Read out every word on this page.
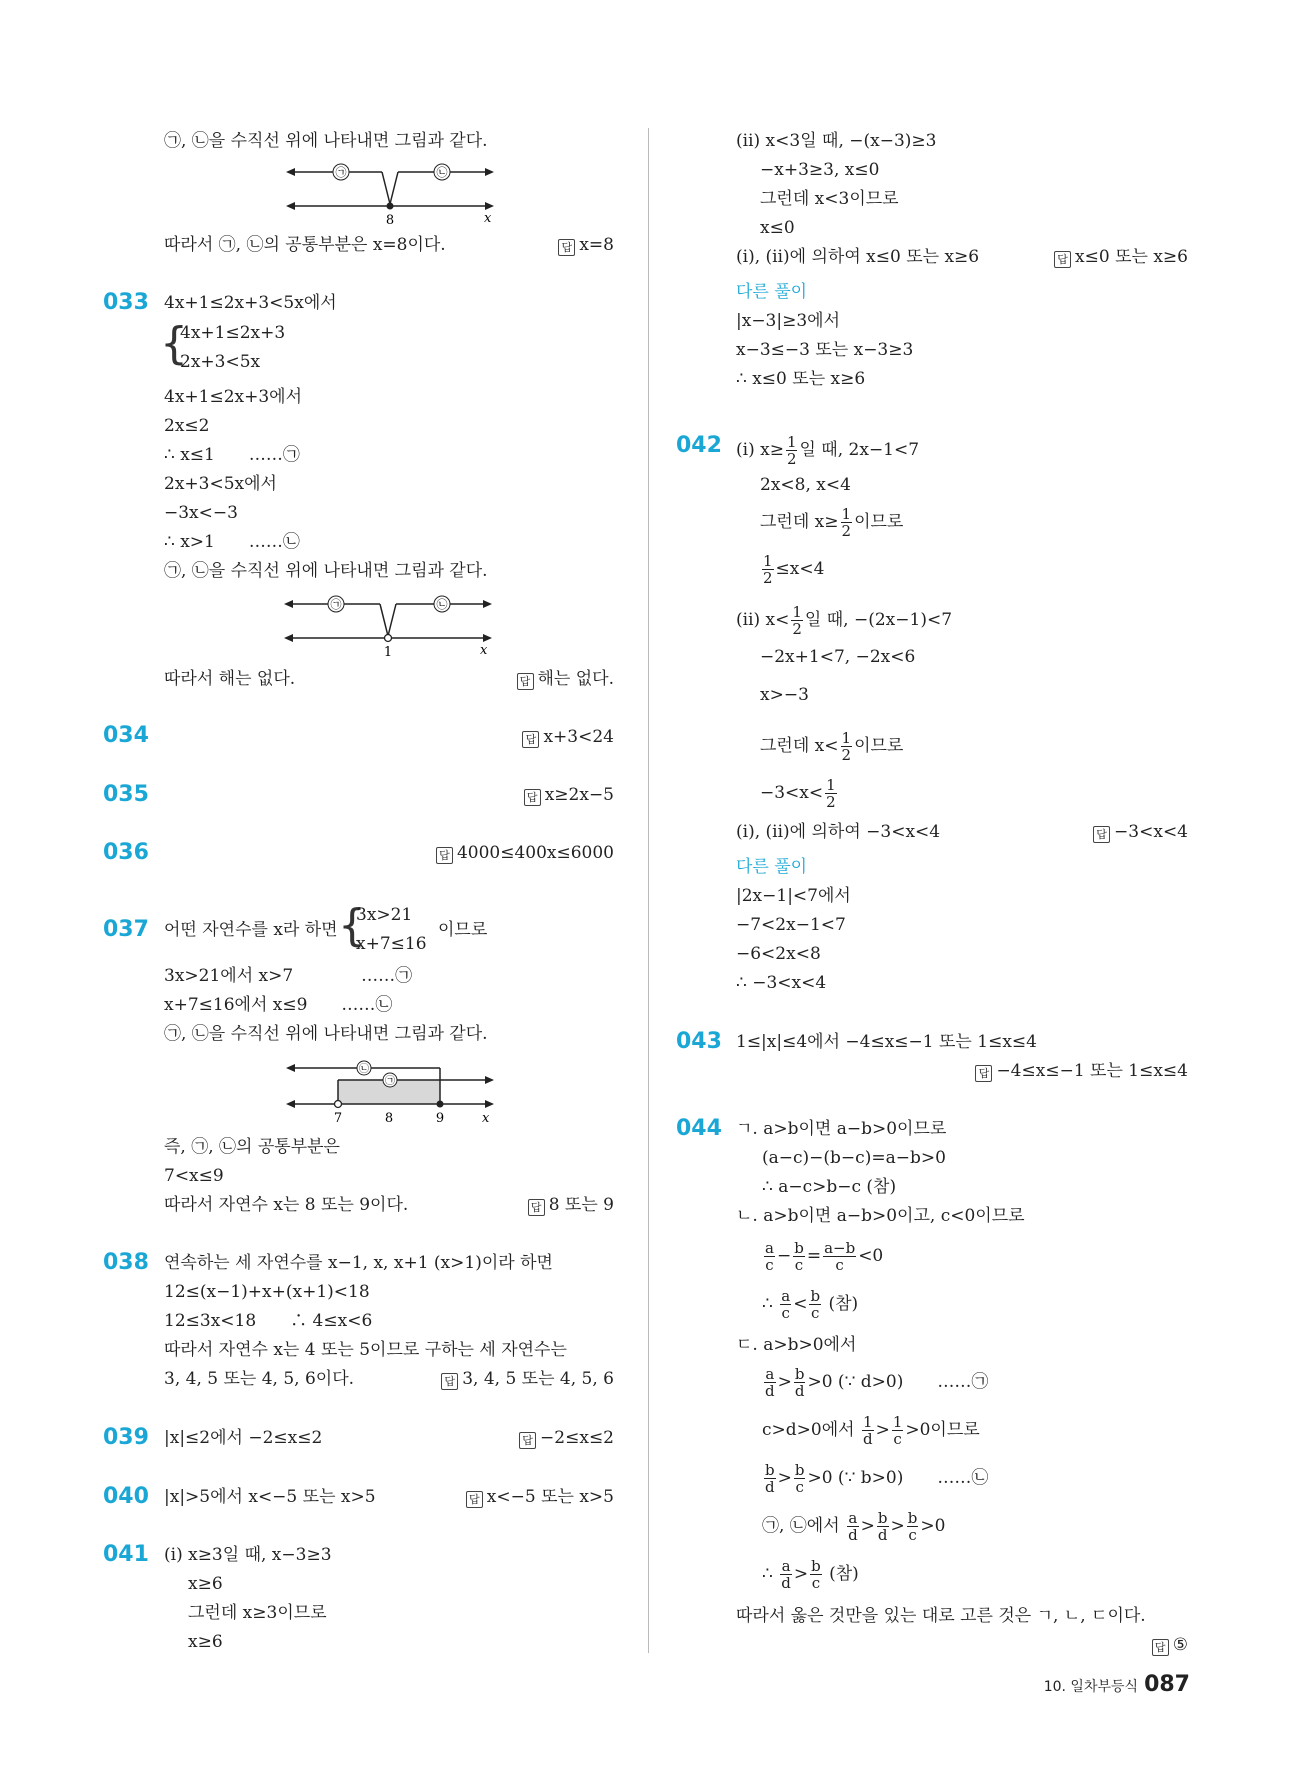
㉠, ㉡을 수직선 위에 나타내면 그림과 같다.
㉠	㉡
8	x
따라서 ㉠, ㉡의 공통부분은 x=8이다.	답 x=8
033 4x+1≤2x+3<5x에서
{
4x+1≤2x+3
2x+3<5x
4x+1≤2x+3에서
2x≤2
∴ x≤1　　……㉠
2x+3<5x에서
−3x<−3
∴ x>1　　……㉡
㉠, ㉡을 수직선 위에 나타내면 그림과 같다.
㉠	㉡
1	x
따라서 해는 없다.	답 해는 없다.
034	답 x+3<24
035	답 x≥2x−5
036	답 4000≤400x≤6000
037 어떤 자연수를 x라 하면 {
3x>21
x+7≤16
이므로
3x>21에서 x>7　　　　……㉠
x+7≤16에서 x≤9　　……㉡
㉠, ㉡을 수직선 위에 나타내면 그림과 같다.
㉡
㉠
7	8	9	x
즉, ㉠, ㉡의 공통부분은
7<x≤9
따라서 자연수 x는 8 또는 9이다.	답 8 또는 9
038 연속하는 세 자연수를 x−1, x, x+1 (x>1)이라 하면
12≤(x−1)+x+(x+1)<18
12≤3x<18　　∴ 4≤x<6
따라서 자연수 x는 4 또는 5이므로 구하는 세 자연수는
3, 4, 5 또는 4, 5, 6이다.	답 3, 4, 5 또는 4, 5, 6
039 |x|≤2에서 −2≤x≤2	답 −2≤x≤2
040 |x|>5에서 x<−5 또는 x>5	답 x<−5 또는 x>5
041 (ⅰ) x≥3일 때, x−3≥3
x≥6
그런데 x≥3이므로
x≥6
(ⅱ) x<3일 때, −(x−3)≥3
−x+3≥3, x≤0
그런데 x<3이므로
x≤0
(ⅰ), (ⅱ)에 의하여 x≤0 또는 x≥6	답 x≤0 또는 x≥6
다른 풀이
|x−3|≥3에서
x−3≤−3 또는 x−3≥3
∴ x≤0 또는 x≥6
042 (ⅰ) $x\ge \frac{1}{2}$ 일 때, 2x−1<7
2x<8, x<4
그런데 $x\ge \frac{1}{2}$ 이므로
$\frac{1}{2} \le x<4$
(ⅱ) $x< \frac{1}{2}$ 일 때, −(2x−1)<7
−2x+1<7, −2x<6
x>−3
그런데 $x< \frac{1}{2}$ 이므로
$-3<x< \frac{1}{2}$
(ⅰ), (ⅱ)에 의하여 −3<x<4	답 −3<x<4
다른 풀이
|2x−1|<7에서
−7<2x−1<7
−6<2x<8
∴ −3<x<4
043 1≤|x|≤4에서 −4≤x≤−1 또는 1≤x≤4
답 −4≤x≤−1 또는 1≤x≤4
044 ㄱ. a>b이면 a−b>0이므로
(a−c)−(b−c)=a−b>0
∴ a−c>b−c (참)
ㄴ. a>b이면 a−b>0이고, c<0이므로
$\frac{a}{c} - \frac{b}{c} = \frac{a-b}{c} <0$
∴ $\frac{a}{c} < \frac{b}{c}$ (참)
ㄷ. a>b>0에서
$\frac{a}{d} > \frac{b}{d} >0$ (∵ d>0)　　……㉠
c>d>0에서 $\frac{1}{d} > \frac{1}{c} >0$이므로
$\frac{b}{d} > \frac{b}{c} >0$ (∵ b>0)　　……㉡
㉠, ㉡에서 $\frac{a}{d} > \frac{b}{d} > \frac{b}{c} >0$
∴ $\frac{a}{d} > \frac{b}{c}$ (참)
따라서 옳은 것만을 있는 대로 고른 것은 ㄱ, ㄴ, ㄷ이다.
답 ⑤
10. 일차부등식 087
